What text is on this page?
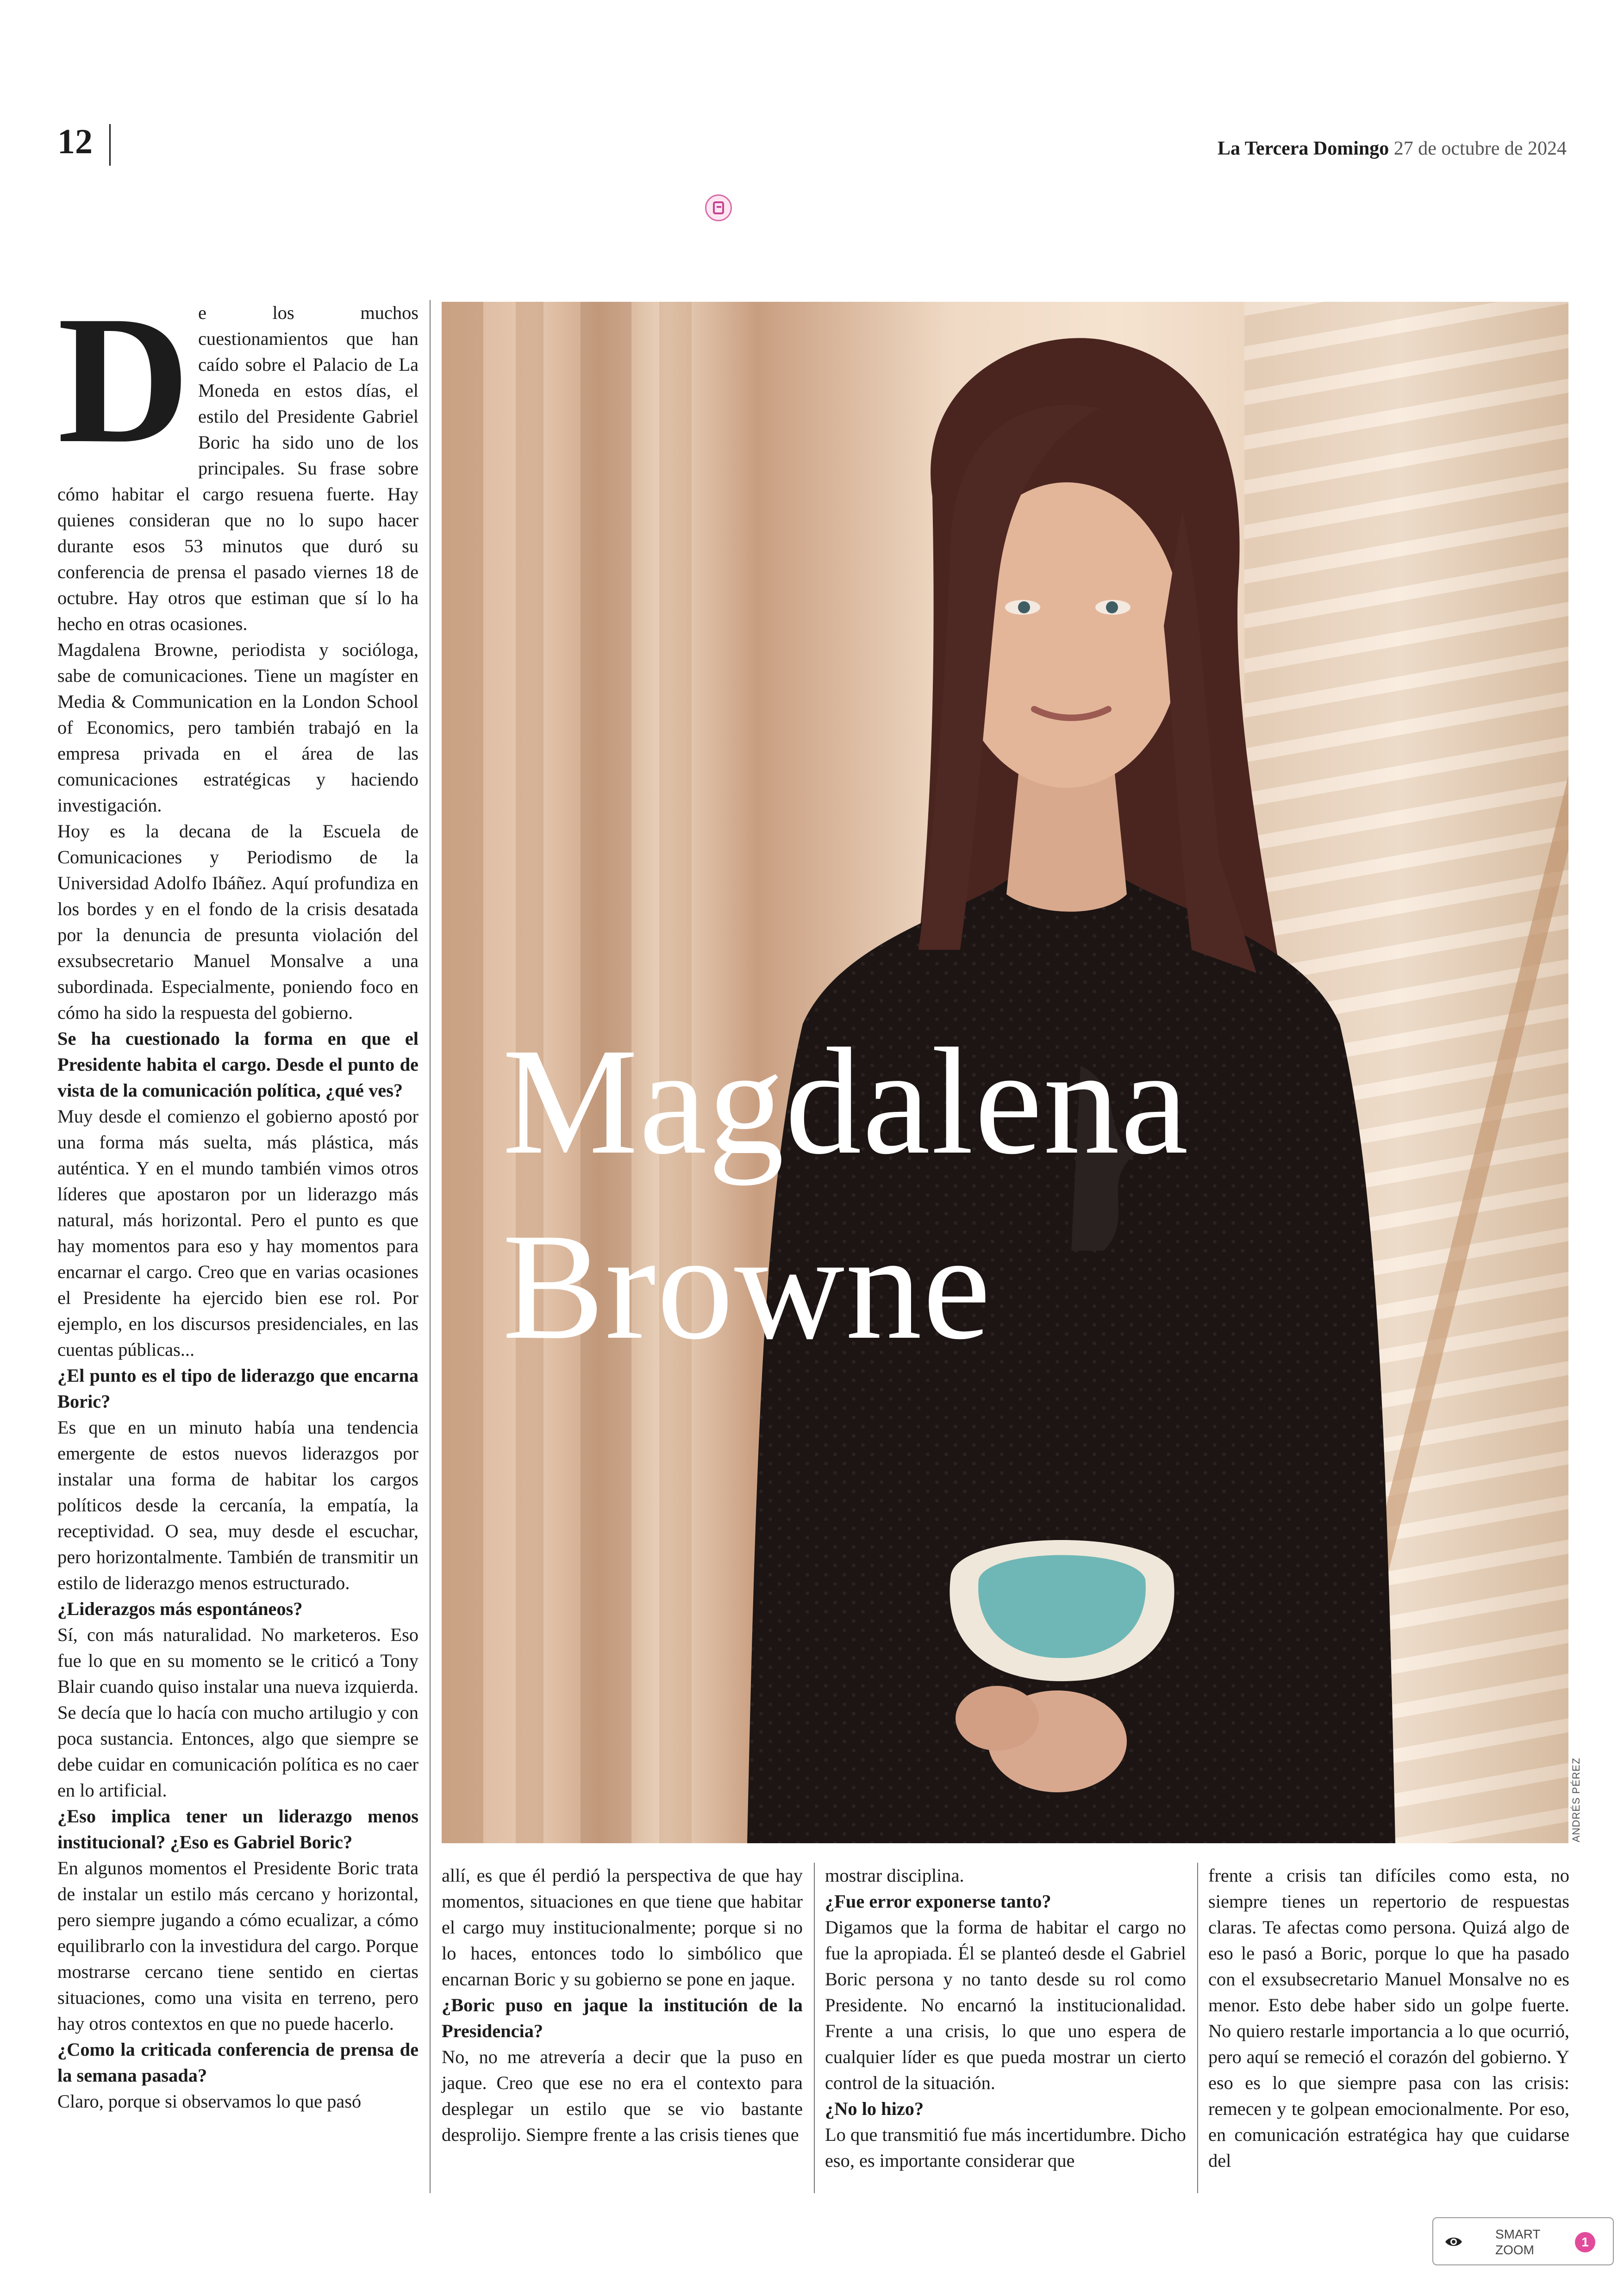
12	La Tercera Domingo 27 de octubre de 2024
ANDRÉS PÉREZ
Magdalena
Browne
D e los muchos cuestionamientos que han caído sobre el Palacio de La Moneda en estos días, el estilo del Presidente Gabriel Boric ha sido uno de los principales. Su frase sobre cómo habitar el cargo resuena fuerte. Hay quienes consideran que no lo supo hacer durante esos 53 minutos que duró su conferencia de prensa el pasado viernes 18 de octubre. Hay otros que estiman que sí lo ha hecho en otras ocasiones.

Magdalena Browne, periodista y socióloga, sabe de comunicaciones. Tiene un magíster en Media & Communication en la London School of Economics, pero también trabajó en la empresa privada en el área de las comunicaciones estratégicas y haciendo investigación.

Hoy es la decana de la Escuela de Comunicaciones y Periodismo de la Universidad Adolfo Ibáñez. Aquí profundiza en los bordes y en el fondo de la crisis desatada por la denuncia de presunta violación del exsubsecretario Manuel Monsalve a una subordinada. Especialmente, poniendo foco en cómo ha sido la respuesta del gobierno.

Se ha cuestionado la forma en que el Presidente habita el cargo. Desde el punto de vista de la comunicación política, ¿qué ves?

Muy desde el comienzo el gobierno apostó por una forma más suelta, más plástica, más auténtica. Y en el mundo también vimos otros líderes que apostaron por un liderazgo más natural, más horizontal. Pero el punto es que hay momentos para eso y hay momentos para encarnar el cargo. Creo que en varias ocasiones el Presidente ha ejercido bien ese rol. Por ejemplo, en los discursos presidenciales, en las cuentas públicas...

¿El punto es el tipo de liderazgo que encarna Boric?

Es que en un minuto había una tendencia emergente de estos nuevos liderazgos por instalar una forma de habitar los cargos políticos desde la cercanía, la empatía, la receptividad. O sea, muy desde el escuchar, pero horizontalmente. También de transmitir un estilo de liderazgo menos estructurado.

¿Liderazgos más espontáneos?

Sí, con más naturalidad. No marketeros. Eso fue lo que en su momento se le criticó a Tony Blair cuando quiso instalar una nueva izquierda. Se decía que lo hacía con mucho artilugio y con poca sustancia. Entonces, algo que siempre se debe cuidar en comunicación política es no caer en lo artificial.

¿Eso implica tener un liderazgo menos institucional? ¿Eso es Gabriel Boric?

En algunos momentos el Presidente Boric trata de instalar un estilo más cercano y horizontal, pero siempre jugando a cómo ecualizar, a cómo equilibrarlo con la investidura del cargo. Porque mostrarse cercano tiene sentido en ciertas situaciones, como una visita en terreno, pero hay otros contextos en que no puede hacerlo.

¿Como la criticada conferencia de prensa de la semana pasada?

Claro, porque si observamos lo que pasó

allí, es que él perdió la perspectiva de que hay momentos, situaciones en que tiene que habitar el cargo muy institucionalmente; porque si no lo haces, entonces todo lo simbólico que encarnan Boric y su gobierno se pone en jaque.

¿Boric puso en jaque la institución de la Presidencia?

No, no me atrevería a decir que la puso en jaque. Creo que ese no era el contexto para desplegar un estilo que se vio bastante desprolijo. Siempre frente a las crisis tienes que

mostrar disciplina.

¿Fue error exponerse tanto?

Digamos que la forma de habitar el cargo no fue la apropiada. Él se planteó desde el Gabriel Boric persona y no tanto desde su rol como Presidente. No encarnó la institucionalidad. Frente a una crisis, lo que uno espera de cualquier líder es que pueda mostrar un cierto control de la situación.

¿No lo hizo?

Lo que transmitió fue más incertidumbre. Dicho eso, es importante considerar que

frente a crisis tan difíciles como esta, no siempre tienes un repertorio de respuestas claras. Te afectas como persona. Quizá algo de eso le pasó a Boric, porque lo que ha pasado con el exsubsecretario Manuel Monsalve no es menor. Esto debe haber sido un golpe fuerte. No quiero restarle importancia a lo que ocurrió, pero aquí se remeció el corazón del gobierno. Y eso es lo que siempre pasa con las crisis: remecen y te golpean emocionalmente. Por eso, en comunicación estratégica hay que cuidarse del

SMART
ZOOM
1
